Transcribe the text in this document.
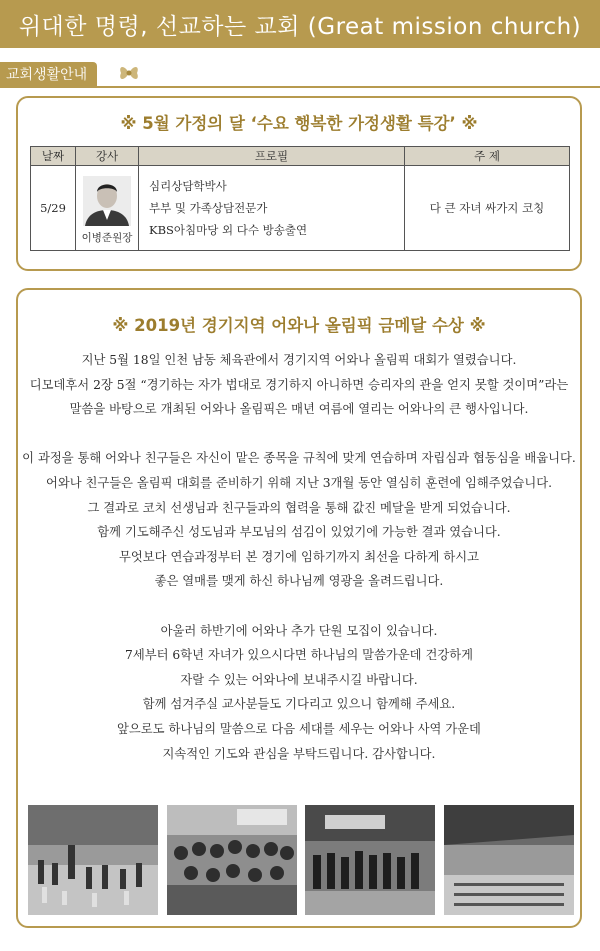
위대한 명령, 선교하는 교회 (Great mission church)
교회생활안내
※ 5월 가정의 달 ‘수요 행복한 가정생활 특강’ ※
날짜	강사	프로필	주 제
5/29	이병준원장	심리상담학박사
부부 및 가족상담전문가
KBS아침마당 외 다수 방송출연	다 큰 자녀 싸가지 코칭
※ 2019년 경기지역 어와나 올림픽 금메달 수상 ※

지난 5월 18일 인천 남동 체육관에서 경기지역 어와나 올림픽 대회가 열렸습니다.

디모데후서 2장 5절 “경기하는 자가 법대로 경기하지 아니하면 승리자의 관을 얻지 못할 것이며”라는

말씀을 바탕으로 개최된 어와나 올림픽은 매년 여름에 열리는 어와나의 큰 행사입니다.

이 과정을 통해 어와나 친구들은 자신이 맡은 종목을 규칙에 맞게 연습하며 자립심과 협동심을 배웁니다.

어와나 친구들은 올림픽 대회를 준비하기 위해 지난 3개월 동안 열심히 훈련에 임해주었습니다.

그 결과로 코치 선생님과 친구들과의 협력을 통해 값진 메달을 받게 되었습니다.

함께 기도해주신 성도님과 부모님의 섬김이 있었기에 가능한 결과 였습니다.

무엇보다 연습과정부터 본 경기에 임하기까지 최선을 다하게 하시고

좋은 열매를 맺게 하신 하나님께 영광을 올려드립니다.

아울러 하반기에 어와나 추가 단원 모집이 있습니다.

7세부터 6학년 자녀가 있으시다면 하나님의 말씀가운데 건강하게

자랄 수 있는 어와나에 보내주시길 바랍니다.

함께 섬겨주실 교사분들도 기다리고 있으니 함께해 주세요.

앞으로도 하나님의 말씀으로 다음 세대를 세우는 어와나 사역 가운데

지속적인 기도와 관심을 부탁드립니다. 감사합니다.
